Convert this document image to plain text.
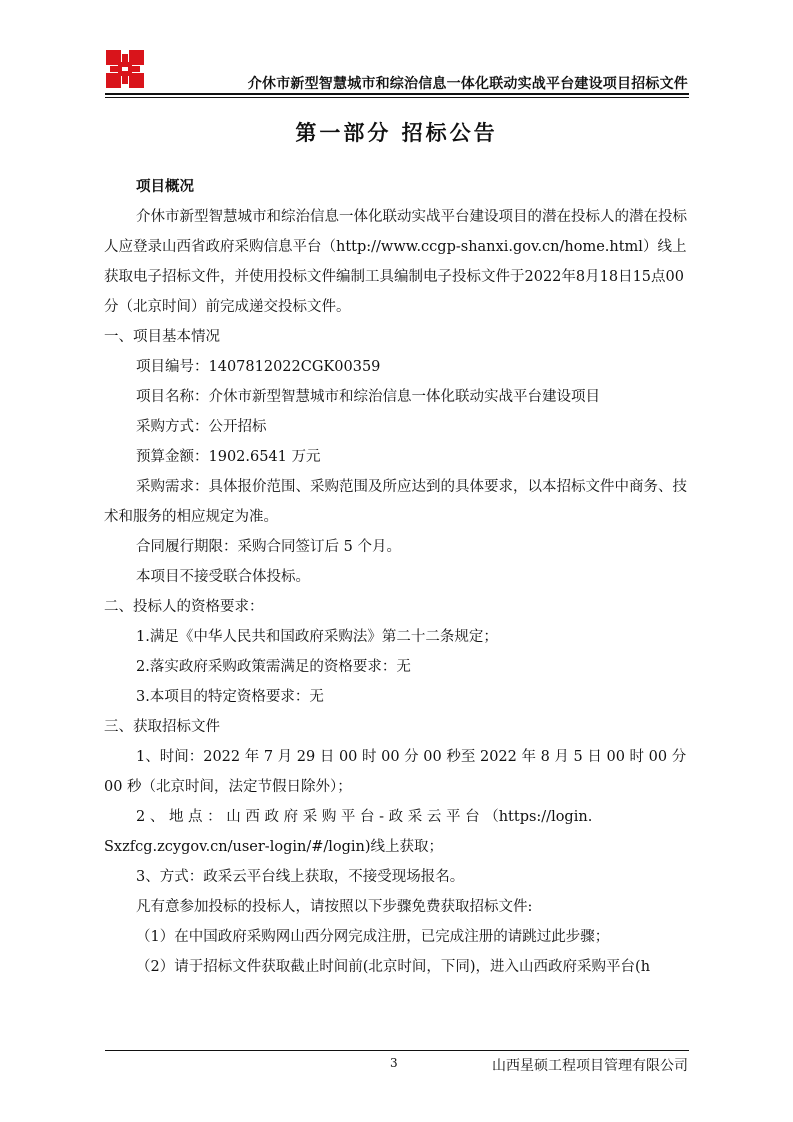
介休市新型智慧城市和综治信息一体化联动实战平台建设项目招标文件
第一部分 招标公告

项目概况

介休市新型智慧城市和综治信息一体化联动实战平台建设项目的潜在投标人的潜在投标人应登录山西省政府采购信息平台（http://www.ccgp-shanxi.gov.cn/home.html）线上获取电子招标文件，并使用投标文件编制工具编制电子投标文件于2022年8月18日15点00分（北京时间）前完成递交投标文件。

一、项目基本情况

项目编号：1407812022CGK00359

项目名称：介休市新型智慧城市和综治信息一体化联动实战平台建设项目

采购方式：公开招标

预算金额：1902.6541 万元

采购需求：具体报价范围、采购范围及所应达到的具体要求，以本招标文件中商务、技术和服务的相应规定为准。

合同履行期限：采购合同签订后 5 个月。

本项目不接受联合体投标。

二、投标人的资格要求：

1.满足《中华人民共和国政府采购法》第二十二条规定；

2.落实政府采购政策需满足的资格要求：无

3.本项目的特定资格要求：无

三、获取招标文件

1、时间：2022 年 7 月 29 日 00 时 00 分 00 秒至 2022 年 8 月 5 日 00 时 00 分 00 秒（北京时间，法定节假日除外）；

2 、 地 点 ： 山 西 政 府 采 购 平 台 - 政 采 云 平 台 （https://login.

Sxzfcg.zcygov.cn/user-login/#/login)线上获取；

3、方式：政采云平台线上获取，不接受现场报名。

凡有意参加投标的投标人，请按照以下步骤免费获取招标文件:

（1）在中国政府采购网山西分网完成注册，已完成注册的请跳过此步骤；

（2）请于招标文件获取截止时间前(北京时间，下同)，进入山西政府采购平台(h

3	山西星硕工程项目管理有限公司
